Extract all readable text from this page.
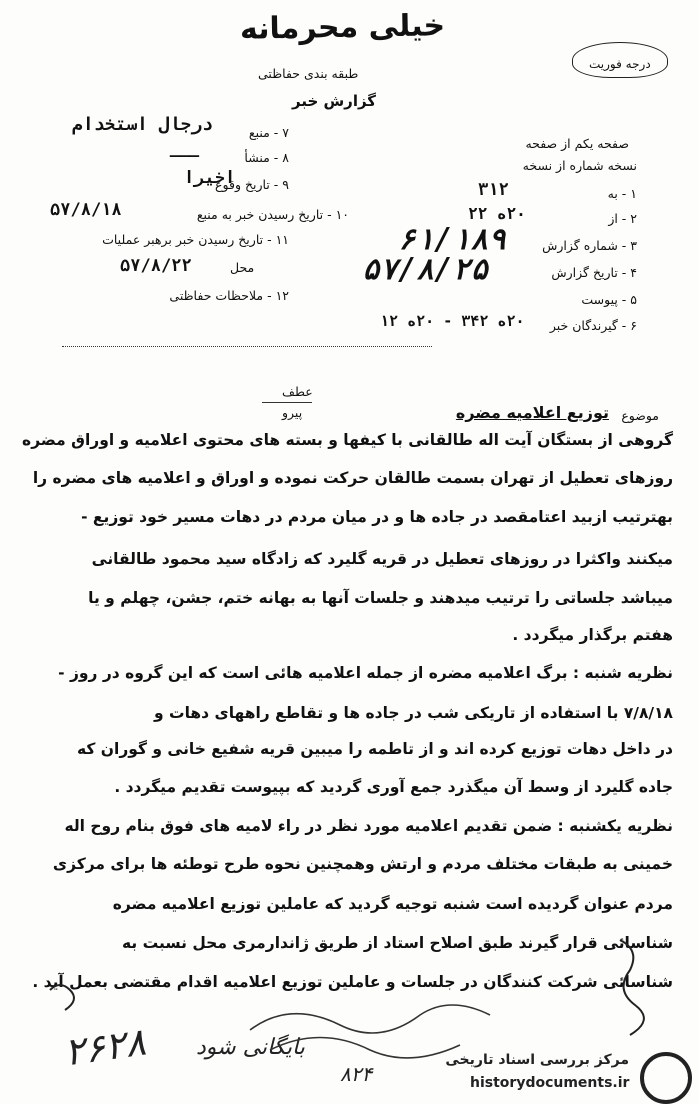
خیلی محرمانه
طبقه بندی حفاظتی
گزارش خبر
درجه فوریت
۷ - منبع
درجال استخدام
۸ - منشأ
ـــ
۹ - تاریخ وقوع
اخیرا
۱۰ - تاریخ رسیدن خبر به منبع
۵۷/۸/۱۸
۱۱ - تاریخ رسیدن خبر برهبر عملیات
محل
۵۷/۸/۲۲
۱۲ - ملاحظات حفاظتی
صفحه یکم از صفحه
نسخه شماره از نسخه
۱ - به
۳۱۲
۲ - از
۲۰ه ۲۲
۳ - شماره گزارش
۶۱/۱۸۹
۴ - تاریخ گزارش
۵۷/۸/۲۵
۵ - پیوست
۶ - گیرندگان خبر
۲۰ه ۳۴۲ - ۲۰ه ۱۲
عطف
پیرو	موضوع
توزیع اعلامیه مضره
گروهی از بستگان آیت اله طالقانی با کیفها و بسته های محتوی اعلامیه و اوراق مضره
روزهای تعطیل از تهران بسمت طالقان حرکت نموده و اوراق و اعلامیه های مضره را
بهترتیب ازبید اعتامقصد در جاده ها و در میان مردم در دهات مسیر خود توزیع -
میکنند واکثرا در روزهای تعطیل در قریه گلیرد که زادگاه سید محمود طالقانی
میباشد جلساتی را ترتیب میدهند و جلسات آنها به بهانه ختم، جشن، چهلم و یا
هفتم برگذار میگردد .
نظریه شنبه : برگ اعلامیه مضره از جمله اعلامیه هائی است که این گروه در روز -
۷/۸/۱۸ با استفاده از تاریکی شب در جاده ها و تقاطع راههای دهات و
در داخل دهات توزیع کرده اند و از تاطمه را میبین قریه شفیع خانی و گوران که
جاده گلیرد از وسط آن میگذرد جمع آوری گردید که بپیوست تقدیم میگردد .
نظریه یکشنبه : ضمن تقدیم اعلامیه مورد نظر در راء لامیه های فوق بنام روح اله
خمینی به طبقات مختلف مردم و ارتش وهمچنین نحوه طرح توطئه ها برای مرکزی
مردم عنوان گردیده است شنبه توجیه گردید که عاملین توزیع اعلامیه مضره
شناسائی قرار گیرند طبق اصلاح استاد از طریق ژاندارمری محل نسبت به
شناسائی شرکت کنندگان در جلسات و عاملین توزیع اعلامیه اقدام مقتضی بعمل آید .
۲۶۲۸ بایگانی شود
۸۲۴
مرکز بررسی اسناد تاریخی
historydocuments.ir
